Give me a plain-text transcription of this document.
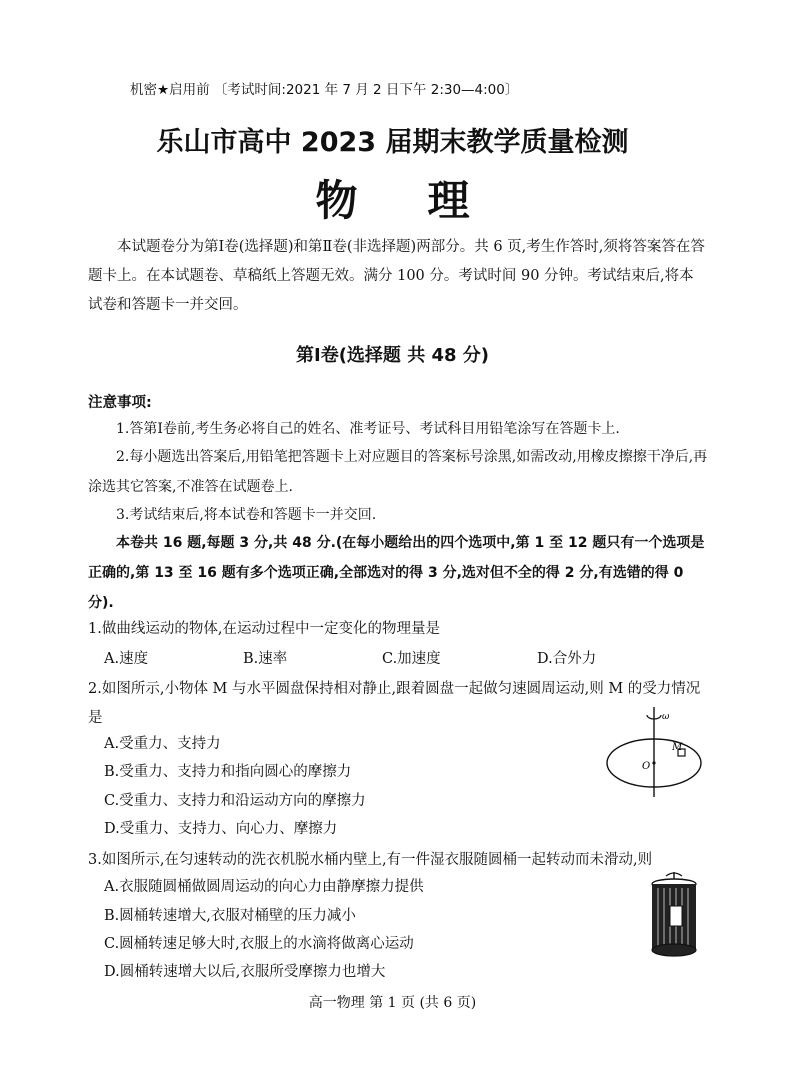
机密★启用前 〔考试时间:2021 年 7 月 2 日下午 2:30—4:00〕
乐山市高中 2023 届期末教学质量检测
物理
本试题卷分为第Ⅰ卷(选择题)和第Ⅱ卷(非选择题)两部分。共 6 页,考生作答时,须将答案答在答题卡上。在本试题卷、草稿纸上答题无效。满分 100 分。考试时间 90 分钟。考试结束后,将本试卷和答题卡一并交回。
第Ⅰ卷(选择题 共 48 分)
注意事项:
1.答第Ⅰ卷前,考生务必将自己的姓名、准考证号、考试科目用铅笔涂写在答题卡上.
2.每小题选出答案后,用铅笔把答题卡上对应题目的答案标号涂黑,如需改动,用橡皮擦擦干净后,再涂选其它答案,不准答在试题卷上.
3.考试结束后,将本试卷和答题卡一并交回.
本卷共 16 题,每题 3 分,共 48 分.(在每小题给出的四个选项中,第 1 至 12 题只有一个选项是正确的,第 13 至 16 题有多个选项正确,全部选对的得 3 分,选对但不全的得 2 分,有选错的得 0 分).
1.做曲线运动的物体,在运动过程中一定变化的物理量是
A.速度	B.速率	C.加速度	D.合外力
2.如图所示,小物体 M 与水平圆盘保持相对静止,跟着圆盘一起做匀速圆周运动,则 M 的受力情况是
A.受重力、支持力
B.受重力、支持力和指向圆心的摩擦力
C.受重力、支持力和沿运动方向的摩擦力
D.受重力、支持力、向心力、摩擦力
ω
O
M
3.如图所示,在匀速转动的洗衣机脱水桶内壁上,有一件湿衣服随圆桶一起转动而未滑动,则
A.衣服随圆桶做圆周运动的向心力由静摩擦力提供
B.圆桶转速增大,衣服对桶壁的压力减小
C.圆桶转速足够大时,衣服上的水滴将做离心运动
D.圆桶转速增大以后,衣服所受摩擦力也增大
高一物理 第 1 页 (共 6 页)
